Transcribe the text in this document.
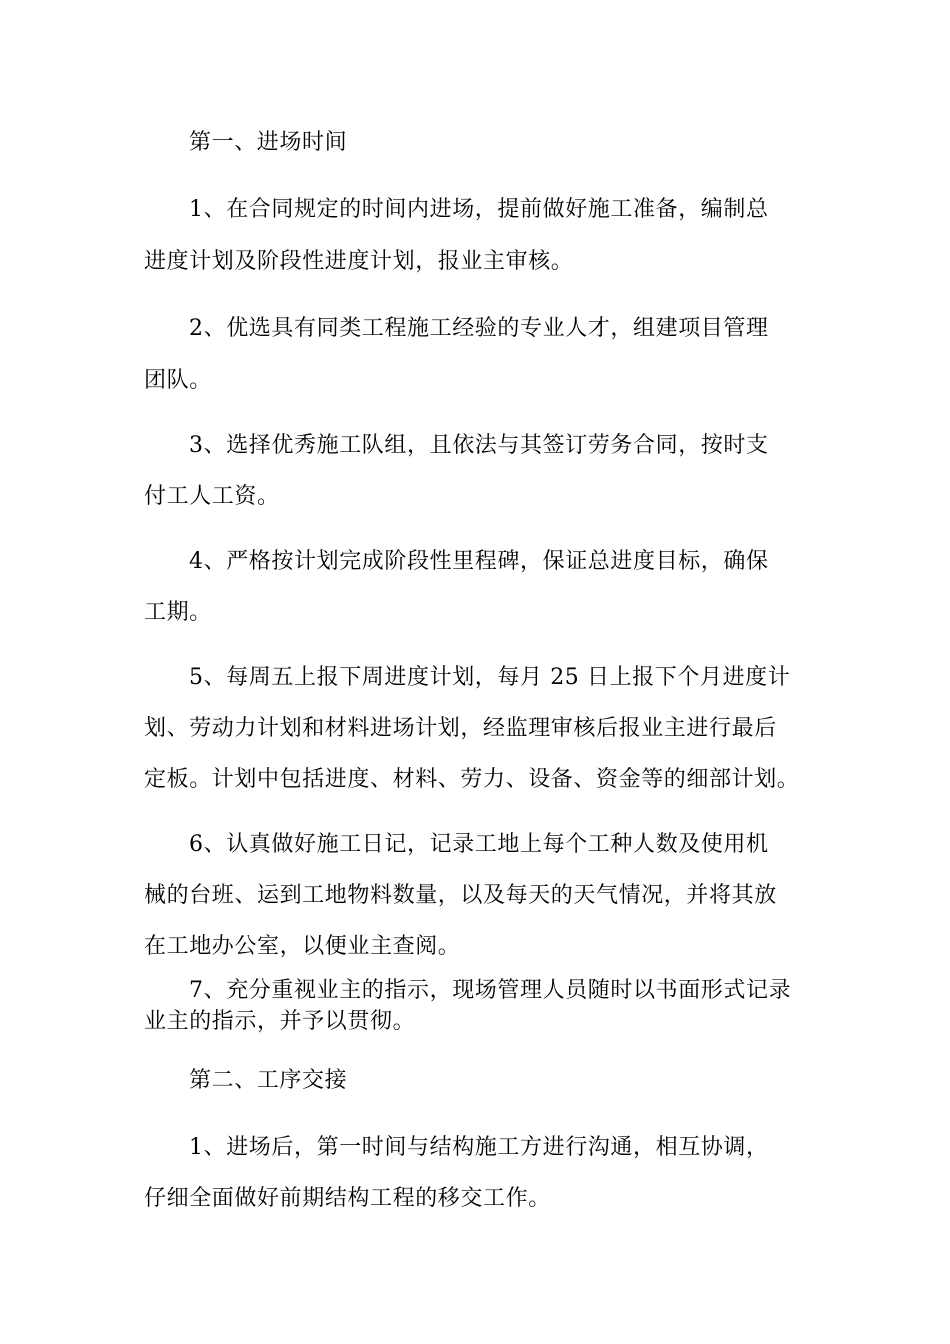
第一、进场时间
1、在合同规定的时间内进场，提前做好施工准备，编制总
进度计划及阶段性进度计划，报业主审核。
2、优选具有同类工程施工经验的专业人才，组建项目管理
团队。
3、选择优秀施工队组，且依法与其签订劳务合同，按时支
付工人工资。
4、严格按计划完成阶段性里程碑，保证总进度目标，确保
工期。
5、每周五上报下周进度计划，每月 25 日上报下个月进度计
划、劳动力计划和材料进场计划，经监理审核后报业主进行最后
定板。计划中包括进度、材料、劳力、设备、资金等的细部计划。
6、认真做好施工日记，记录工地上每个工种人数及使用机
械的台班、运到工地物料数量，以及每天的天气情况，并将其放
在工地办公室，以便业主查阅。
7、充分重视业主的指示，现场管理人员随时以书面形式记录
业主的指示，并予以贯彻。
第二、工序交接
1、进场后，第一时间与结构施工方进行沟通，相互协调，
仔细全面做好前期结构工程的移交工作。
